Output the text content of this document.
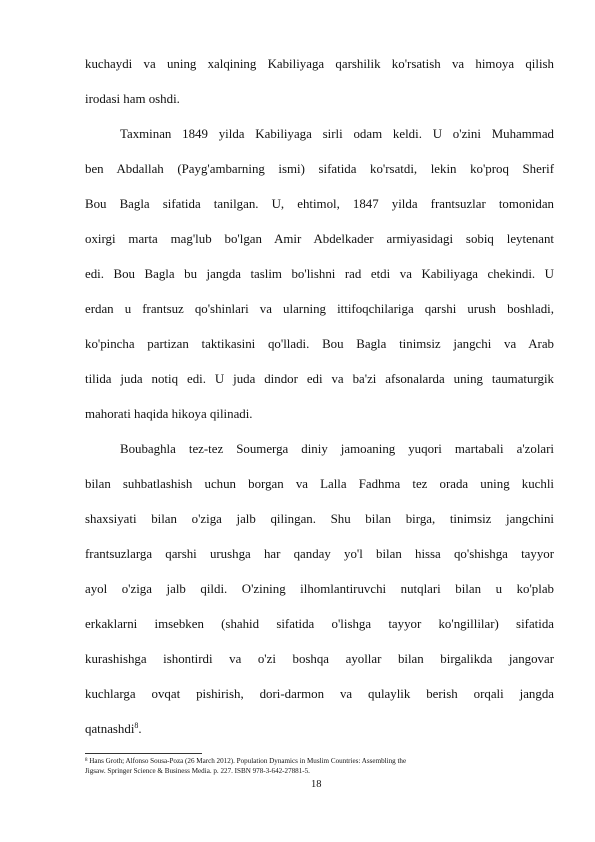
kuchaydi va uning xalqining Kabiliyaga qarshilik ko'rsatish va himoya qilish
irodasi ham oshdi.
Taxminan 1849 yilda Kabiliyaga sirli odam keldi. U o'zini Muhammad
ben Abdallah (Payg'ambarning ismi) sifatida ko'rsatdi, lekin ko'proq Sherif
Bou Bagla sifatida tanilgan. U, ehtimol, 1847 yilda frantsuzlar tomonidan
oxirgi marta mag'lub bo'lgan Amir Abdelkader armiyasidagi sobiq leytenant
edi. Bou Bagla bu jangda taslim bo'lishni rad etdi va Kabiliyaga chekindi. U
erdan u frantsuz qo'shinlari va ularning ittifoqchilariga qarshi urush boshladi,
ko'pincha partizan taktikasini qo'lladi. Bou Bagla tinimsiz jangchi va Arab
tilida juda notiq edi. U juda dindor edi va ba'zi afsonalarda uning taumaturgik
mahorati haqida hikoya qilinadi.
Boubaghla tez-tez Soumerga diniy jamoaning yuqori martabali a'zolari
bilan suhbatlashish uchun borgan va Lalla Fadhma tez orada uning kuchli
shaxsiyati bilan o'ziga jalb qilingan. Shu bilan birga, tinimsiz jangchini
frantsuzlarga qarshi urushga har qanday yo'l bilan hissa qo'shishga tayyor
ayol o'ziga jalb qildi. O'zining ilhomlantiruvchi nutqlari bilan u ko'plab
erkaklarni imsebken (shahid sifatida o'lishga tayyor ko'ngillilar) sifatida
kurashishga ishontirdi va o'zi boshqa ayollar bilan birgalikda jangovar
kuchlarga ovqat pishirish, dori-darmon va qulaylik berish orqali jangda
qatnashdi$^8$.
$^8$ Hans Groth; Alfonso Sousa-Poza (26 March 2012). Population Dynamics in Muslim Countries: Assembling the
Jigsaw. Springer Science & Business Media. p. 227. ISBN 978-3-642-27881-5.
18
